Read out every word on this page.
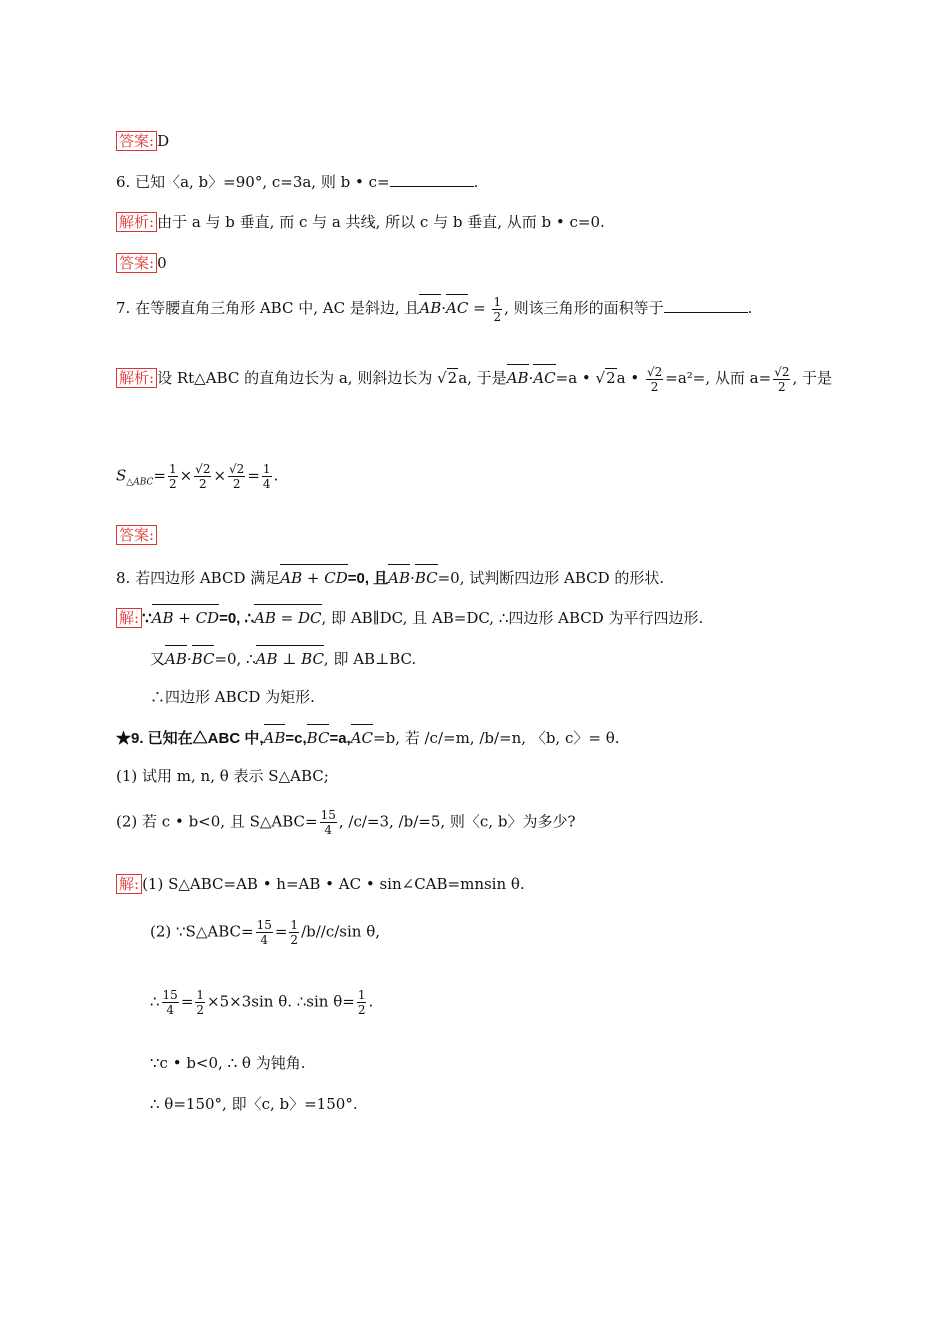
答案: D
6. 已知〈a, b〉=90°, c=3a, 则 b • c=	.
解析: 由于 a 与 b 垂直, 而 c 与 a 共线, 所以 c 与 b 垂直, 从而 b • c=0.
答案: 0
7. 在等腰直角三角形 ABC 中, AC 是斜边, 且$AB\cdot AC = \frac{1}{2}$ , 则该三角形的面积等于	.
解析: 设 Rt△ABC 的直角边长为 a, 则斜边长为 √2a, 于是AB·AC=a • √2a • $\frac{√2}{2} =a^2=$, 从而 $a= \frac{√2}{2}$ , 于是
$S_{\triangle ABC}= \frac{1}{2} \times \frac{√2}{2} \times \frac{√2}{2} = \frac{1}{4}$ .
答案:
8. 若四边形 ABCD 满足AB + CD=0, 且AB·BC=0, 试判断四边形 ABCD 的形状.
解: ∵AB + CD=0, ∴AB = DC, 即 AB∥DC, 且 AB=DC, ∴四边形 ABCD 为平行四边形.
又AB·BC=0, ∴AB ⊥ BC, 即 AB⊥BC.
∴四边形 ABCD 为矩形.
★9. 已知在△ABC 中,AB=c,BC=a,AC=b, 若 /c/=m, /b/=n, 〈b, c〉= θ.
(1) 试用 m, n, θ 表示 S△ABC;
(2) 若 c • b<0, 且 S△ABC= $\frac{15}{4}$ , /c/=3, /b/=5, 则〈c, b〉为多少?
解: (1) S△ABC=AB • h=AB • AC • sin∠CAB=mnsin θ.
(2) ∵S△ABC= $\frac{15}{4} = \frac{1}{2} /b//c/\sin$ θ,
∴ $\frac{15}{4} = \frac{1}{2} \times 5\times 3\sin$ θ. ∴sin $\theta= \frac{1}{2}$ .
∵c • b<0, ∴ θ 为钝角.
∴ θ=150°, 即〈c, b〉=150°.
